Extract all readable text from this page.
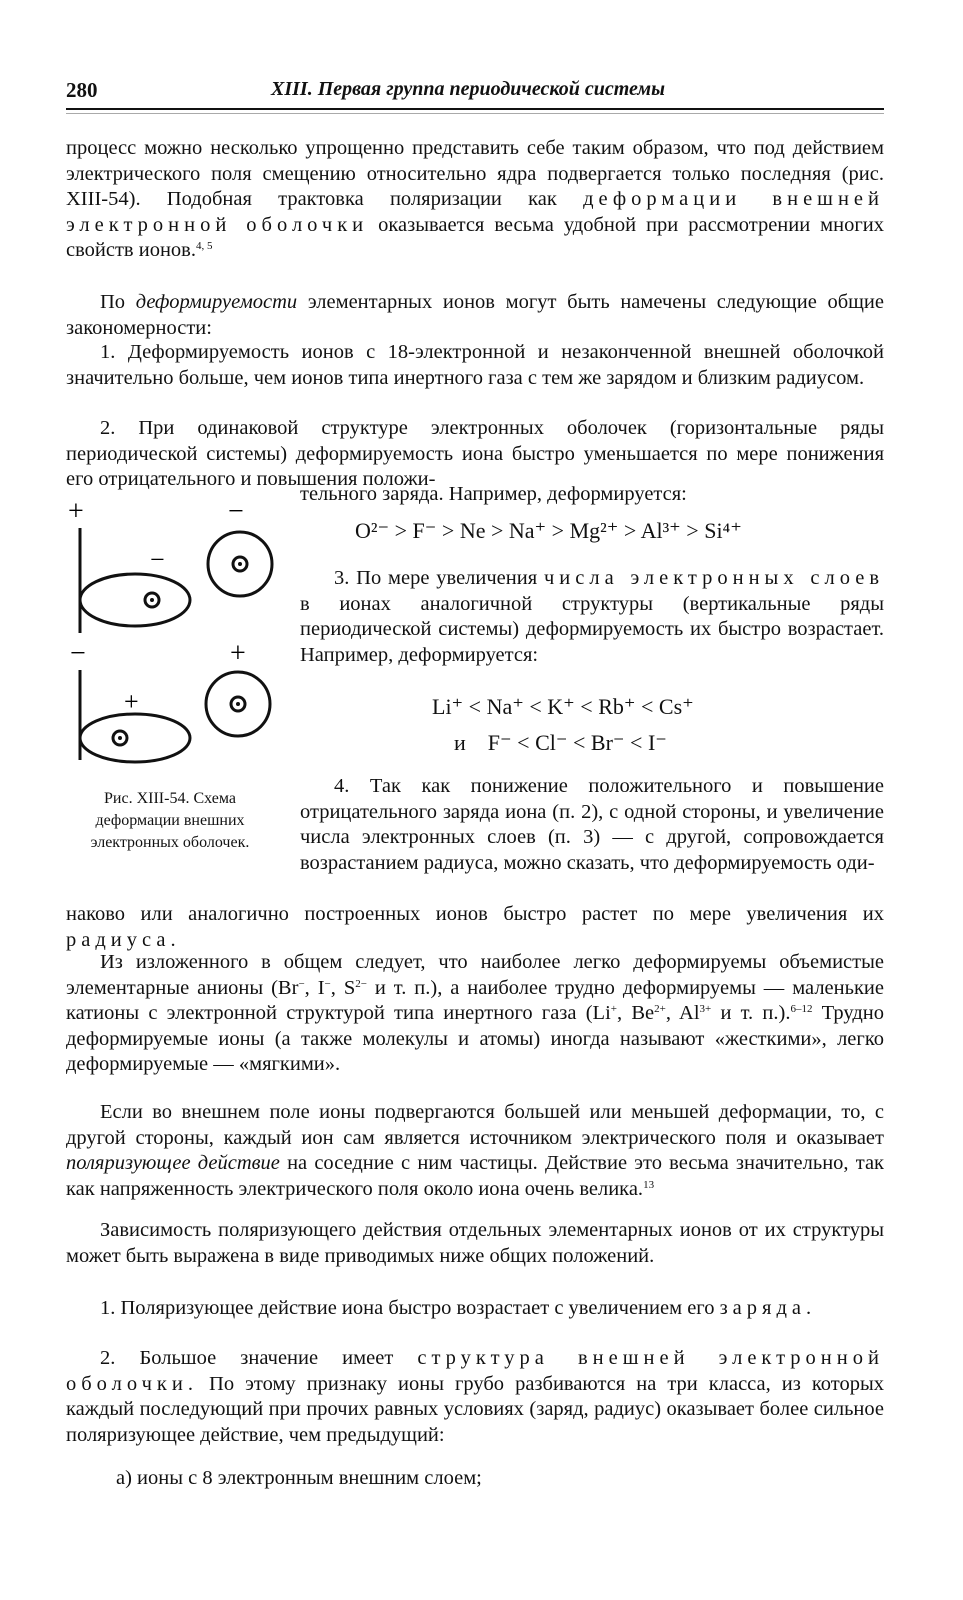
280	XIII. Первая группа периодической системы

процесс можно несколько упрощенно представить себе таким образом, что под действием электрического поля смещению относительно ядра подвергается только последняя (рис. XIII-54). Подобная трактовка поляризации как деформации внешней электронной оболочки оказывается весьма удобной при рассмотрении многих свойств ионов.$^{4, 5}$

По деформируемости элементарных ионов могут быть намечены следующие общие закономерности:

1. Деформируемость ионов с 18-электронной и незаконченной внешней оболочкой значительно больше, чем ионов типа инертного газа с тем же зарядом и близким радиусом.

2. При одинаковой структуре электронных оболочек (горизонтальные ряды периодической системы) деформируемость иона быстро уменьшается по мере понижения его отрицательного и повышения положи-

тельного заряда. Например, деформируется:

O²⁻ > F⁻ > Ne > Na⁺ > Mg²⁺ > Al³⁺ > Si⁴⁺

3. По мере увеличения числа электронных слоев в ионах аналогичной структуры (вертикальные ряды периодической системы) деформируемость их быстро возрастает. Например, деформируется:

Li⁺ < Na⁺ < K⁺ < Rb⁺ < Cs⁺
и F⁻ < Cl⁻ < Br⁻ < I⁻

4. Так как понижение положительного и повышение отрицательного заряда иона (п. 2), с одной стороны, и увеличение числа электронных слоев (п. 3) — с другой, сопровождается возрастанием радиуса, можно сказать, что деформируемость оди-

наково или аналогично построенных ионов быстро растет по мере увеличения их радиуса.

Из изложенного в общем следует, что наиболее легко деформируемы объемистые элементарные анионы (Br−, I−, $S^{2-}$ и т. п.), а наиболее трудно деформируемы — маленькие катионы с электронной структурой типа инертного газа (Li+, $Be^{2+}$, $Al^{3+}$ и т. п.).$^{6-12}$ Трудно деформируемые ионы (а также молекулы и атомы) иногда называют «жесткими», легко деформируемые — «мягкими».

Если во внешнем поле ионы подвергаются большей или меньшей деформации, то, с другой стороны, каждый ион сам является источником электрического поля и оказывает поляризующее действие на соседние с ним частицы. Действие это весьма значительно, так как напряженность электрического поля около иона очень велика.$^{13}$

Зависимость поляризующего действия отдельных элементарных ионов от их структуры может быть выражена в виде приводимых ниже общих положений.

1. Поляризующее действие иона быстро возрастает с увеличением его заряда.

2. Большое значение имеет структура внешней электронной оболочки. По этому признаку ионы грубо разбиваются на три класса, из которых каждый последующий при прочих равных условиях (заряд, радиус) оказывает более сильное поляризующее действие, чем предыдущий:

а) ионы с 8 электронным внешним слоем;

+	−
−
−	+
+
Рис. XIII-54. Схема деформации внешних электронных оболочек.
